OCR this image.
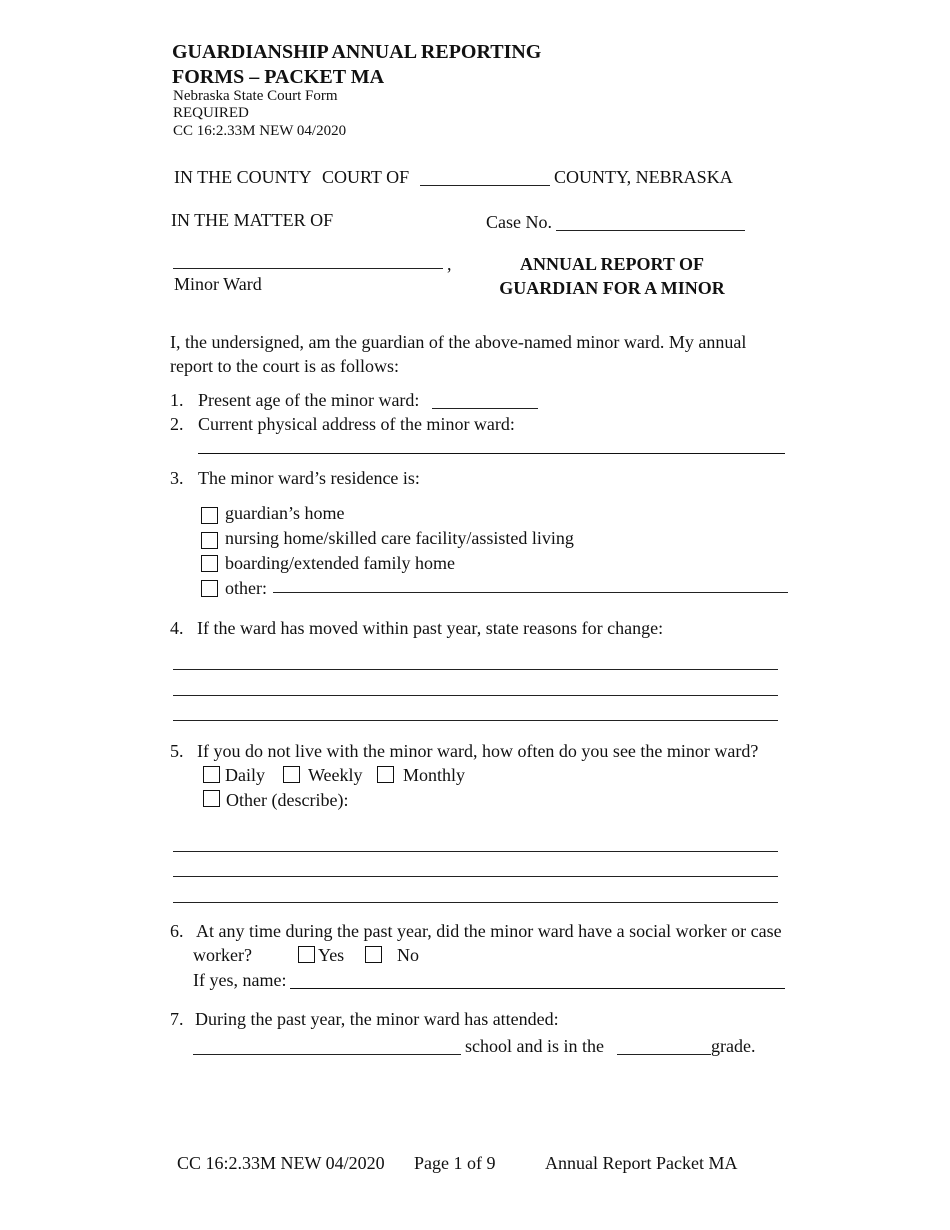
GUARDIANSHIP ANNUAL REPORTING
FORMS – PACKET MA
Nebraska State Court Form
REQUIRED
CC 16:2.33M NEW 04/2020
IN THE COUNTY COURT OF	COUNTY, NEBRASKA
IN THE MATTER OF	Case No.
,
Minor Ward
ANNUAL REPORT OF
GUARDIAN FOR A MINOR
I, the undersigned, am the guardian of the above-named minor ward. My annual
report to the court is as follows:
1. Present age of the minor ward:
2. Current physical address of the minor ward:
3. The minor ward’s residence is:
guardian’s home
nursing home/skilled care facility/assisted living
boarding/extended family home
other:
4. If the ward has moved within past year, state reasons for change:
5. If you do not live with the minor ward, how often do you see the minor ward?
Daily Weekly Monthly
Other (describe):
6. At any time during the past year, did the minor ward have a social worker or case
worker?	Yes	No
If yes, name:
7. During the past year, the minor ward has attended:
school and is in the	grade.
CC 16:2.33M NEW 04/2020 Page 1 of 9	Annual Report Packet MA
